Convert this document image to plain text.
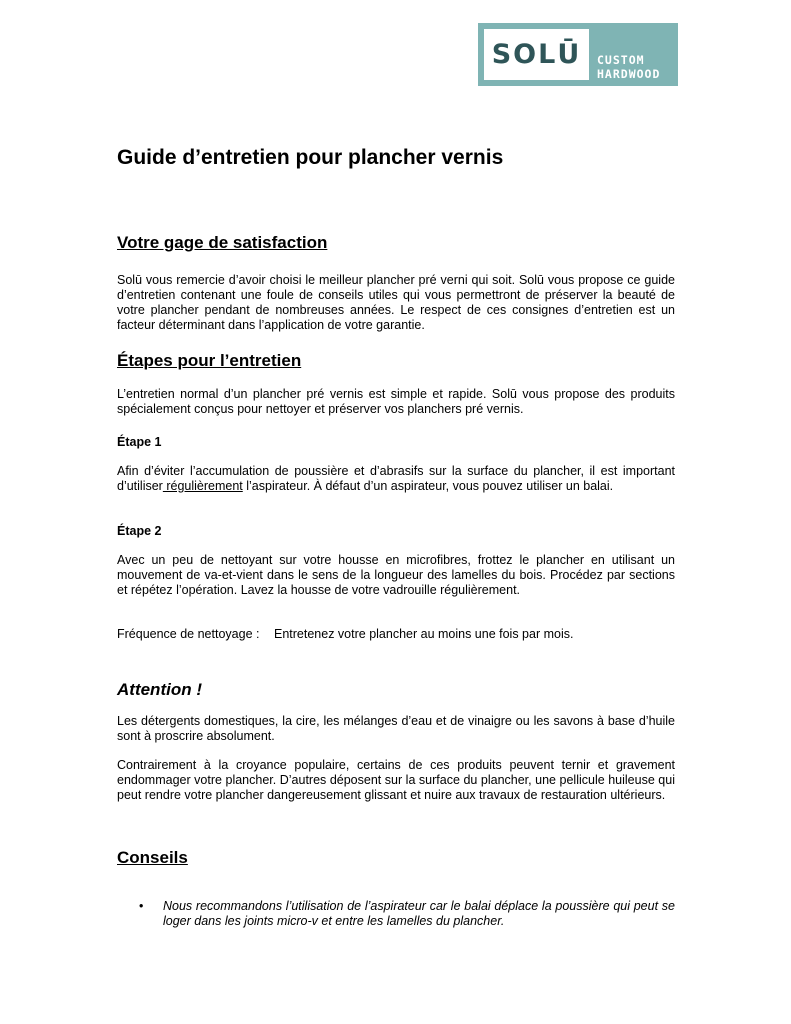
SOLŪ CUSTOM
HARDWOOD
Guide d’entretien pour plancher vernis
Votre gage de satisfaction

Solū vous remercie d’avoir choisi le meilleur plancher pré verni qui soit. Solū vous propose ce guide d’entretien contenant une foule de conseils utiles qui vous permettront de préserver la beauté de votre plancher pendant de nombreuses années. Le respect de ces consignes d’entretien est un facteur déterminant dans l’application de votre garantie.

Étapes pour l’entretien

L’entretien normal d’un plancher pré vernis est simple et rapide. Solū vous propose des produits spécialement conçus pour nettoyer et préserver vos planchers pré vernis.

Étape 1

Afin d’éviter l’accumulation de poussière et d’abrasifs sur la surface du plancher, il est important d’utiliser régulièrement l’aspirateur. À défaut d’un aspirateur, vous pouvez utiliser un balai.

Étape 2

Avec un peu de nettoyant sur votre housse en microfibres, frottez le plancher en utilisant un mouvement de va-et-vient dans le sens de la longueur des lamelles du bois. Procédez par sections et répétez l’opération. Lavez la housse de votre vadrouille régulièrement.

Fréquence de nettoyage : Entretenez votre plancher au moins une fois par mois.

Attention !

Les détergents domestiques, la cire, les mélanges d’eau et de vinaigre ou les savons à base d’huile sont à proscrire absolument.

Contrairement à la croyance populaire, certains de ces produits peuvent ternir et gravement endommager votre plancher. D’autres déposent sur la surface du plancher, une pellicule huileuse qui peut rendre votre plancher dangereusement glissant et nuire aux travaux de restauration ultérieurs.

Conseils
• Nous recommandons l’utilisation de l’aspirateur car le balai déplace la poussière qui peut se loger dans les joints micro-v et entre les lamelles du plancher.
